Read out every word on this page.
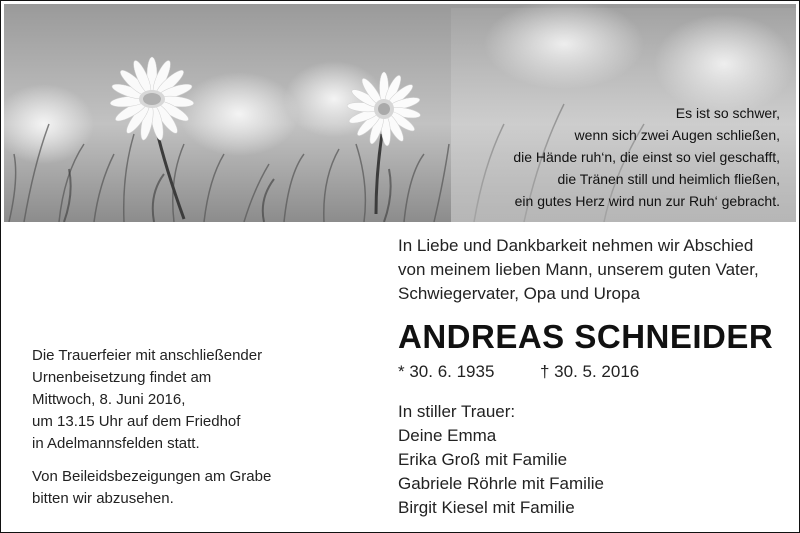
Es ist so schwer,
wenn sich zwei Augen schließen,
die Hände ruh‘n, die einst so viel geschafft,
die Tränen still und heimlich fließen,
ein gutes Herz wird nun zur Ruh‘ gebracht.
In Liebe und Dankbarkeit nehmen wir Abschied
von meinem lieben Mann, unserem guten Vater,
Schwiegervater, Opa und Uropa
ANDREAS SCHNEIDER
* 30. 6. 1935	† 30. 5. 2016
In stiller Trauer:
Deine Emma
Erika Groß mit Familie
Gabriele Röhrle mit Familie
Birgit Kiesel mit Familie
Die Trauerfeier mit anschließender
Urnenbeisetzung findet am
Mittwoch, 8. Juni 2016,
um 13.15 Uhr auf dem Friedhof
in Adelmannsfelden statt.
Von Beileidsbezeigungen am Grabe
bitten wir abzusehen.
